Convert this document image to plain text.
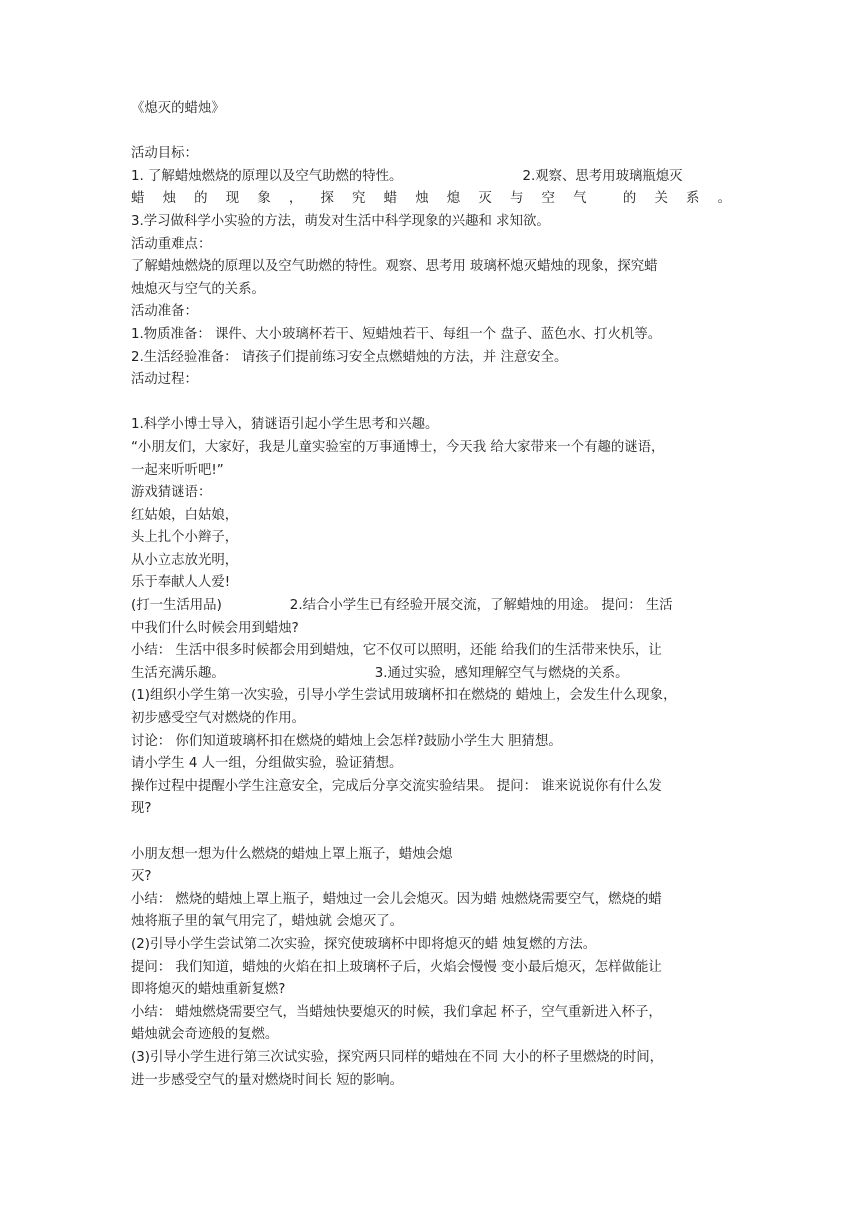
《熄灭的蜡烛》
活动目标：
1. 了解蜡烛燃烧的原理以及空气助燃的特性。	2.观察、思考用玻璃瓶熄灭
蜡 烛 的 现 象 ， 探 究 蜡 烛 熄 灭 与 空 气	的 关 系 。
3.学习做科学小实验的方法，萌发对生活中科学现象的兴趣和 求知欲。
活动重难点：
了解蜡烛燃烧的原理以及空气助燃的特性。观察、思考用 玻璃杯熄灭蜡烛的现象，探究蜡
烛熄灭与空气的关系。
活动准备：
1.物质准备： 课件、大小玻璃杯若干、短蜡烛若干、每组一个 盘子、蓝色水、打火机等。
2.生活经验准备： 请孩子们提前练习安全点燃蜡烛的方法，并 注意安全。
活动过程：
1.科学小博士导入，猜谜语引起小学生思考和兴趣。
“小朋友们，大家好，我是儿童实验室的万事通博士，今天我 给大家带来一个有趣的谜语，
一起来听听吧!”
游戏猜谜语：
红姑娘，白姑娘，
头上扎个小辫子，
从小立志放光明，
乐于奉献人人爱!
(打一生活用品)	2.结合小学生已有经验开展交流，了解蜡烛的用途。 提问： 生活
中我们什么时候会用到蜡烛?
小结： 生活中很多时候都会用到蜡烛，它不仅可以照明，还能 给我们的生活带来快乐，让
生活充满乐趣。	3.通过实验，感知理解空气与燃烧的关系。
(1)组织小学生第一次实验，引导小学生尝试用玻璃杯扣在燃烧的 蜡烛上，会发生什么现象，
初步感受空气对燃烧的作用。
讨论： 你们知道玻璃杯扣在燃烧的蜡烛上会怎样?鼓励小学生大 胆猜想。
请小学生 4 人一组，分组做实验，验证猜想。
操作过程中提醒小学生注意安全，完成后分享交流实验结果。 提问： 谁来说说你有什么发
现?
小朋友想一想为什么燃烧的蜡烛上罩上瓶子，蜡烛会熄
灭?
小结： 燃烧的蜡烛上罩上瓶子，蜡烛过一会儿会熄灭。因为蜡 烛燃烧需要空气，燃烧的蜡
烛将瓶子里的氧气用完了，蜡烛就 会熄灭了。
(2)引导小学生尝试第二次实验，探究使玻璃杯中即将熄灭的蜡 烛复燃的方法。
提问： 我们知道，蜡烛的火焰在扣上玻璃杯子后，火焰会慢慢 变小最后熄灭，怎样做能让
即将熄灭的蜡烛重新复燃?
小结： 蜡烛燃烧需要空气，当蜡烛快要熄灭的时候，我们拿起 杯子，空气重新进入杯子，
蜡烛就会奇迹般的复燃。
(3)引导小学生进行第三次试实验，探究两只同样的蜡烛在不同 大小的杯子里燃烧的时间，
进一步感受空气的量对燃烧时间长 短的影响。
